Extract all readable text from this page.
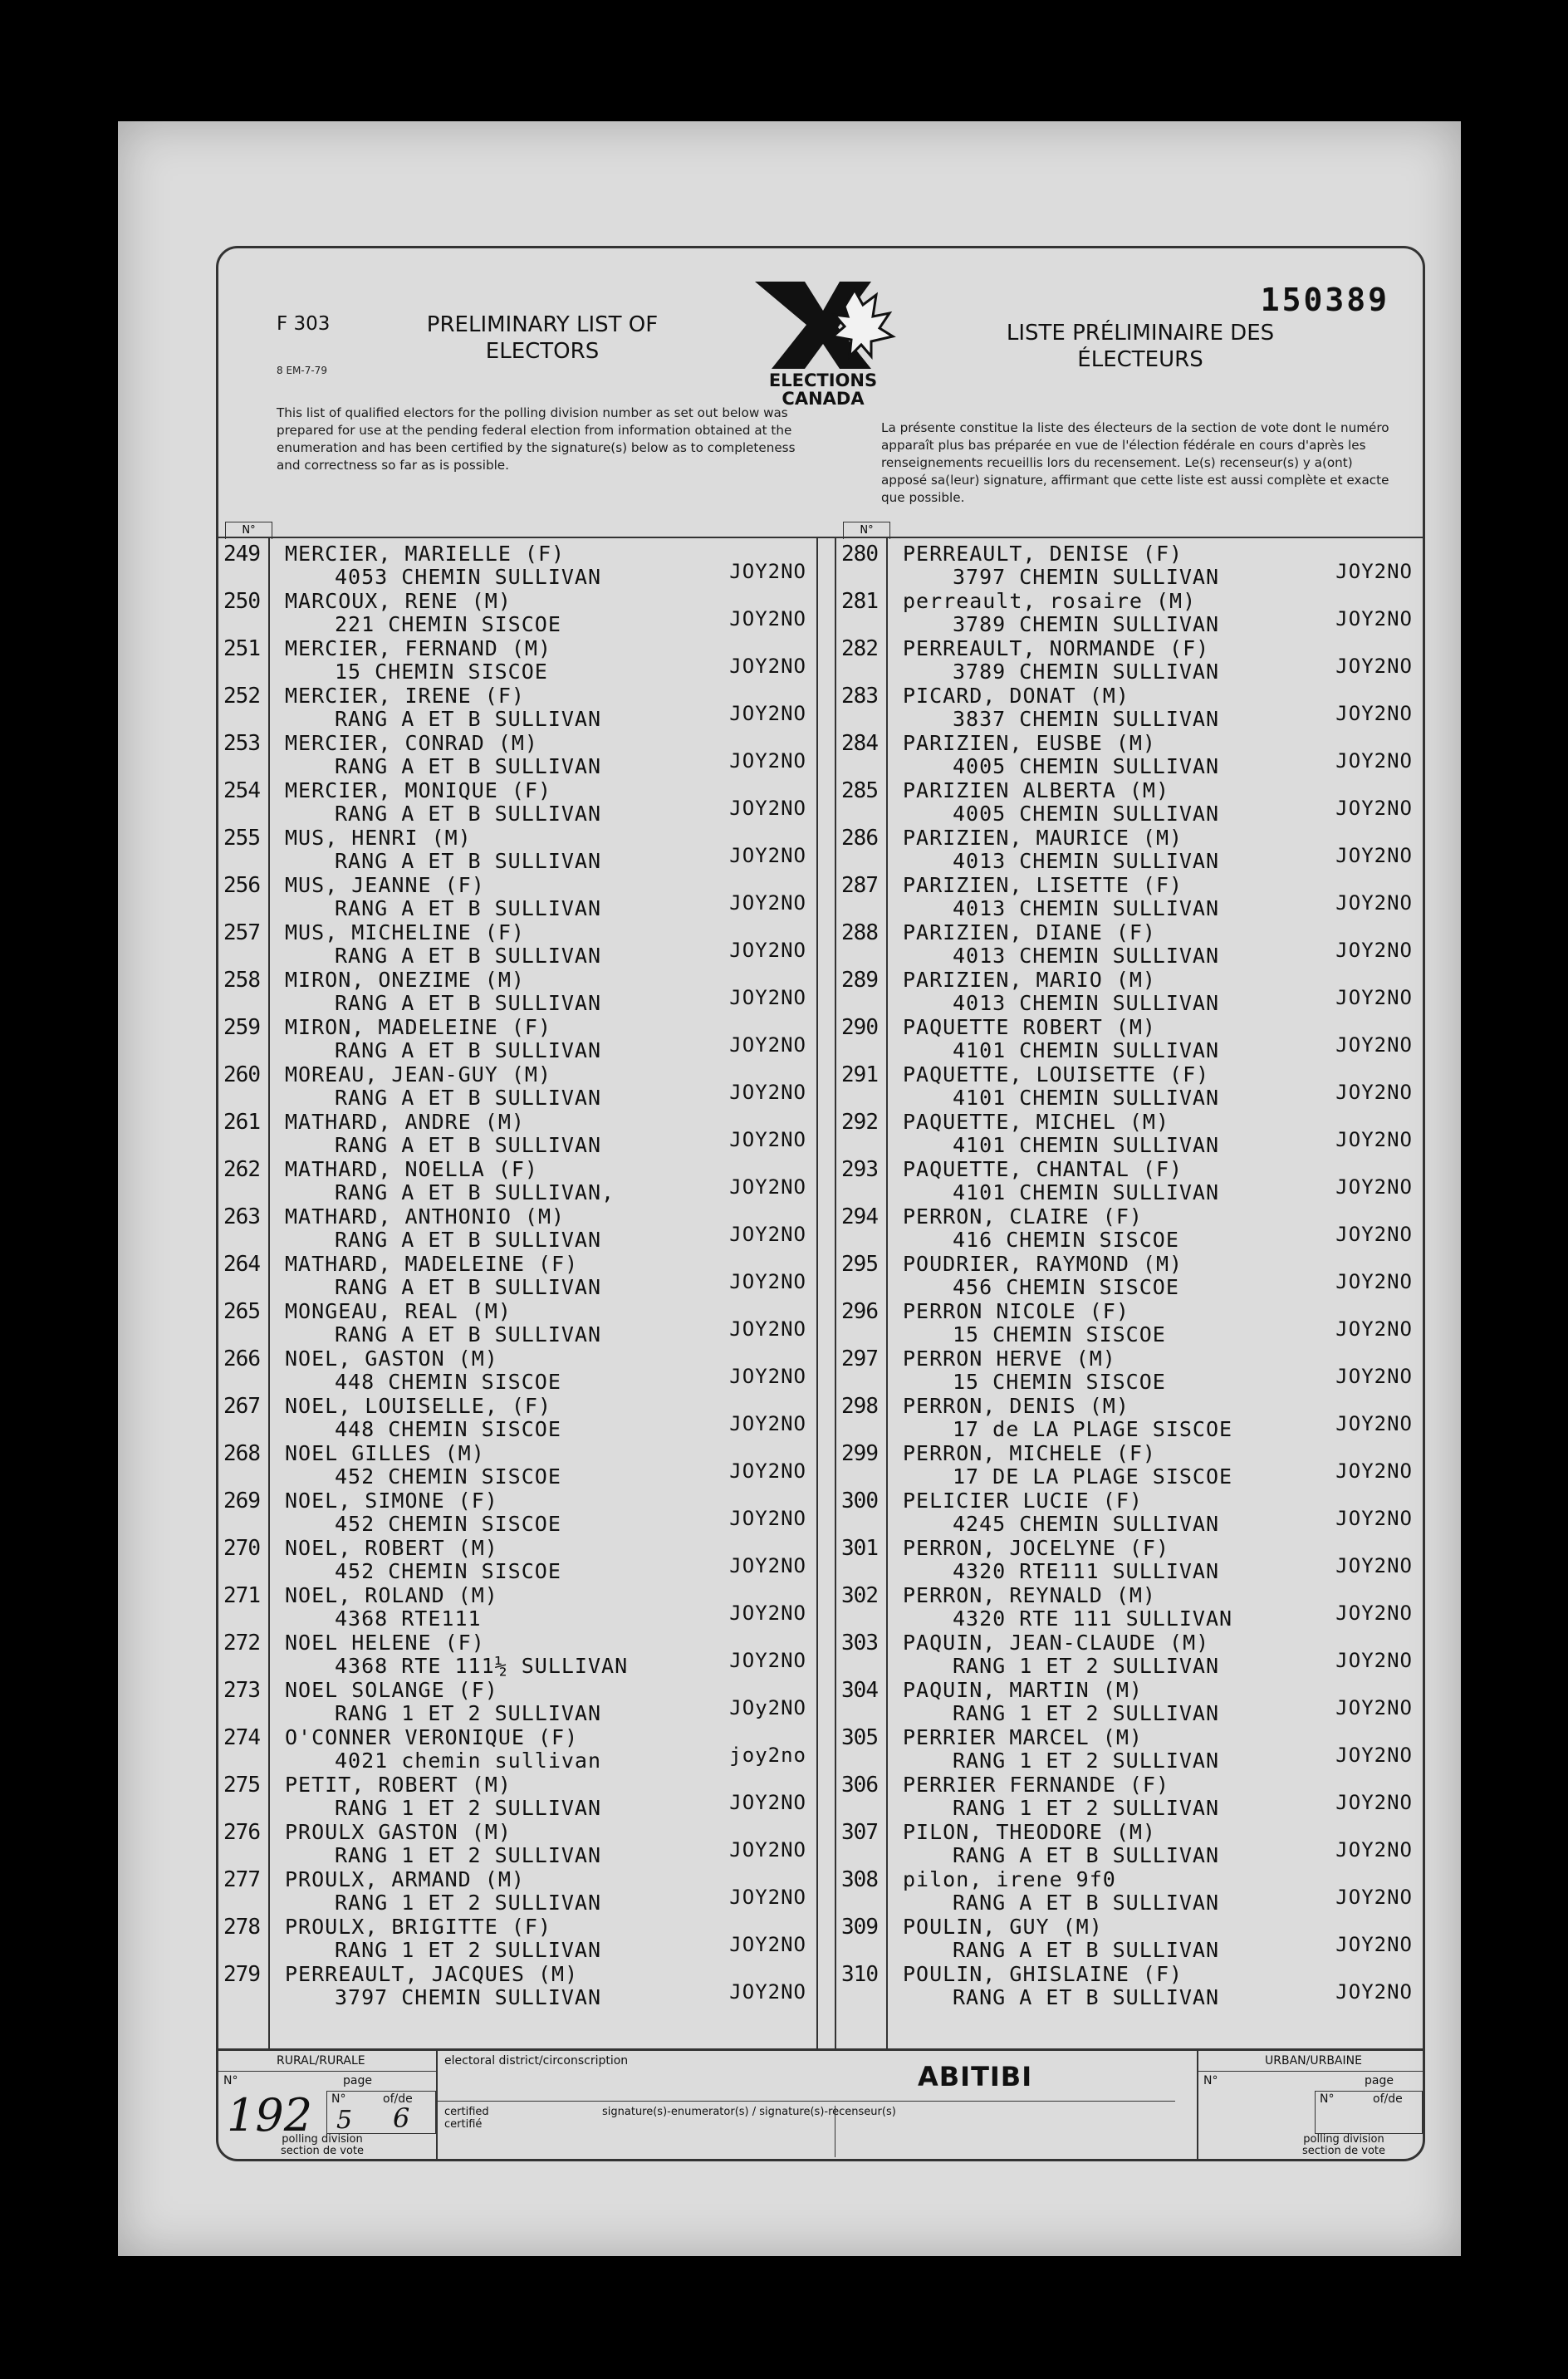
F 303
8 EM-7-79
PRELIMINARY LIST OF ELECTORS
ELECTIONS CANADA
LISTE PRÉLIMINAIRE DES ÉLECTEURS
150389
This list of qualified electors for the polling division number as set out below was prepared for use at the pending federal election from information obtained at the enumeration and has been certified by the signature(s) below as to completeness and correctness so far as is possible.
La présente constitue la liste des électeurs de la section de vote dont le numéro apparaît plus bas préparée en vue de l'élection fédérale en cours d'après les renseignements recueillis lors du recensement. Le(s) recenseur(s) y a(ont) apposé sa(leur) signature, affirmant que cette liste est aussi complète et exacte que possible.
N°
249	MERCIER, MARIELLE (F)
4053 CHEMIN SULLIVAN	JOY2NO
250	MARCOUX, RENE (M)
221 CHEMIN SISCOE	JOY2NO
251	MERCIER, FERNAND (M)
15 CHEMIN SISCOE	JOY2NO
252	MERCIER, IRENE (F)
RANG A ET B SULLIVAN	JOY2NO
253	MERCIER, CONRAD (M)
RANG A ET B SULLIVAN	JOY2NO
254	MERCIER, MONIQUE (F)
RANG A ET B SULLIVAN	JOY2NO
255	MUS, HENRI (M)
RANG A ET B SULLIVAN	JOY2NO
256	MUS, JEANNE (F)
RANG A ET B SULLIVAN	JOY2NO
257	MUS, MICHELINE (F)
RANG A ET B SULLIVAN	JOY2NO
258	MIRON, ONEZIME (M)
RANG A ET B SULLIVAN	JOY2NO
259	MIRON, MADELEINE (F)
RANG A ET B SULLIVAN	JOY2NO
260	MOREAU, JEAN-GUY (M)
RANG A ET B SULLIVAN	JOY2NO
261	MATHARD, ANDRE (M)
RANG A ET B SULLIVAN	JOY2NO
262	MATHARD, NOELLA (F)
RANG A ET B SULLIVAN,	JOY2NO
263	MATHARD, ANTHONIO (M)
RANG A ET B SULLIVAN	JOY2NO
264	MATHARD, MADELEINE (F)
RANG A ET B SULLIVAN	JOY2NO
265	MONGEAU, REAL (M)
RANG A ET B SULLIVAN	JOY2NO
266	NOEL, GASTON (M)
448 CHEMIN SISCOE	JOY2NO
267	NOEL, LOUISELLE, (F)
448 CHEMIN SISCOE	JOY2NO
268	NOEL GILLES (M)
452 CHEMIN SISCOE	JOY2NO
269	NOEL, SIMONE (F)
452 CHEMIN SISCOE	JOY2NO
270	NOEL, ROBERT (M)
452 CHEMIN SISCOE	JOY2NO
271	NOEL, ROLAND (M)
4368 RTE111	JOY2NO
272	NOEL HELENE (F)
4368 RTE 111½ SULLIVAN	JOY2NO
273	NOEL SOLANGE (F)
RANG 1 ET 2 SULLIVAN	JOy2NO
274	O'CONNER VERONIQUE (F)
4021 chemin sullivan	joy2no
275	PETIT, ROBERT (M)
RANG 1 ET 2 SULLIVAN	JOY2NO
276	PROULX GASTON (M)
RANG 1 ET 2 SULLIVAN	JOY2NO
277	PROULX, ARMAND (M)
RANG 1 ET 2 SULLIVAN	JOY2NO
278	PROULX, BRIGITTE (F)
RANG 1 ET 2 SULLIVAN	JOY2NO
279	PERREAULT, JACQUES (M)
3797 CHEMIN SULLIVAN	JOY2NO
N°
280	PERREAULT, DENISE (F)
3797 CHEMIN SULLIVAN	JOY2NO
281	perreault, rosaire (M)
3789 CHEMIN SULLIVAN	JOY2NO
282	PERREAULT, NORMANDE (F)
3789 CHEMIN SULLIVAN	JOY2NO
283	PICARD, DONAT (M)
3837 CHEMIN SULLIVAN	JOY2NO
284	PARIZIEN, EUSBE (M)
4005 CHEMIN SULLIVAN	JOY2NO
285	PARIZIEN ALBERTA (M)
4005 CHEMIN SULLIVAN	JOY2NO
286	PARIZIEN, MAURICE (M)
4013 CHEMIN SULLIVAN	JOY2NO
287	PARIZIEN, LISETTE (F)
4013 CHEMIN SULLIVAN	JOY2NO
288	PARIZIEN, DIANE (F)
4013 CHEMIN SULLIVAN	JOY2NO
289	PARIZIEN, MARIO (M)
4013 CHEMIN SULLIVAN	JOY2NO
290	PAQUETTE ROBERT (M)
4101 CHEMIN SULLIVAN	JOY2NO
291	PAQUETTE, LOUISETTE (F)
4101 CHEMIN SULLIVAN	JOY2NO
292	PAQUETTE, MICHEL (M)
4101 CHEMIN SULLIVAN	JOY2NO
293	PAQUETTE, CHANTAL (F)
4101 CHEMIN SULLIVAN	JOY2NO
294	PERRON, CLAIRE (F)
416 CHEMIN SISCOE	JOY2NO
295	POUDRIER, RAYMOND (M)
456 CHEMIN SISCOE	JOY2NO
296	PERRON NICOLE (F)
15 CHEMIN SISCOE	JOY2NO
297	PERRON HERVE (M)
15 CHEMIN SISCOE	JOY2NO
298	PERRON, DENIS (M)
17 de LA PLAGE SISCOE	JOY2NO
299	PERRON, MICHELE (F)
17 DE LA PLAGE SISCOE	JOY2NO
300	PELICIER LUCIE (F)
4245 CHEMIN SULLIVAN	JOY2NO
301	PERRON, JOCELYNE (F)
4320 RTE111 SULLIVAN	JOY2NO
302	PERRON, REYNALD (M)
4320 RTE 111 SULLIVAN	JOY2NO
303	PAQUIN, JEAN-CLAUDE (M)
RANG 1 ET 2 SULLIVAN	JOY2NO
304	PAQUIN, MARTIN (M)
RANG 1 ET 2 SULLIVAN	JOY2NO
305	PERRIER MARCEL (M)
RANG 1 ET 2 SULLIVAN	JOY2NO
306	PERRIER FERNANDE (F)
RANG 1 ET 2 SULLIVAN	JOY2NO
307	PILON, THEODORE (M)
RANG A ET B SULLIVAN	JOY2NO
308	pilon, irene 9f0
RANG A ET B SULLIVAN	JOY2NO
309	POULIN, GUY (M)
RANG A ET B SULLIVAN	JOY2NO
310	POULIN, GHISLAINE (F)
RANG A ET B SULLIVAN	JOY2NO
RURAL/RURALE
N°	page
N°	of/de
192 5 6
polling division section de vote
electoral district/circonscription	ABITIBI
certified certifié
signature(s)-enumerator(s) / signature(s)-recenseur(s)
URBAN/URBAINE
N°	page
N°	of/de
polling division section de vote
